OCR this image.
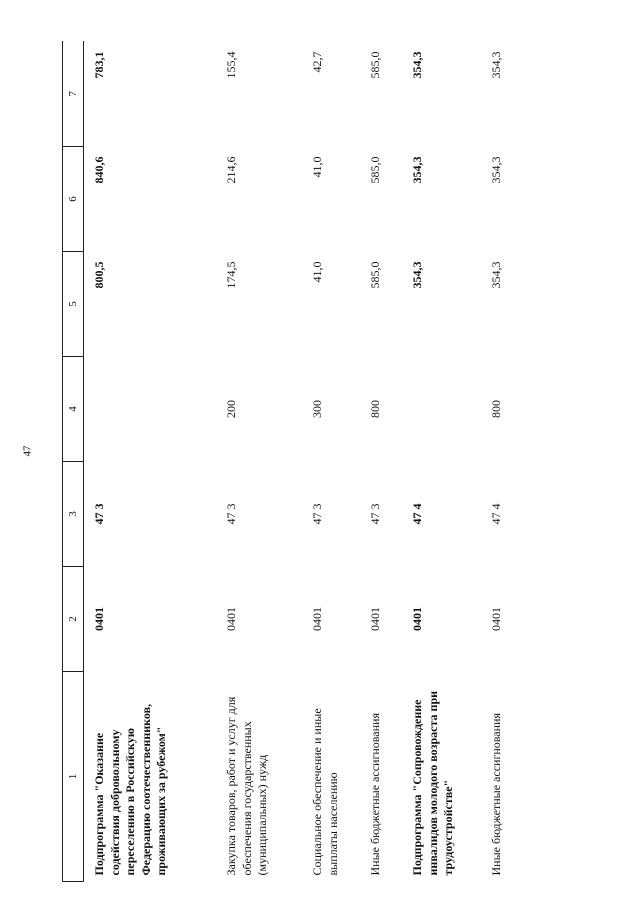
47
1	2	3	4	5	6	7
Подпрограмма "Оказание содействия добровольному переселению в Российскую Федерацию соотечественников, проживающих за рубежом"	0401	47 3		800,5	840,6	783,1
Закупка товаров, работ и услуг для обеспечения государственных (муниципальных) нужд	0401	47 3	200	174,5	214,6	155,4
Социальное обеспечение и иные выплаты населению	0401	47 3	300	41,0	41,0	42,7
Иные бюджетные ассигнования	0401	47 3	800	585,0	585,0	585,0
Подпрограмма "Сопровождение инвалидов молодого возраста при трудоустройстве"	0401	47 4		354,3	354,3	354,3
Иные бюджетные ассигнования	0401	47 4	800	354,3	354,3	354,3
